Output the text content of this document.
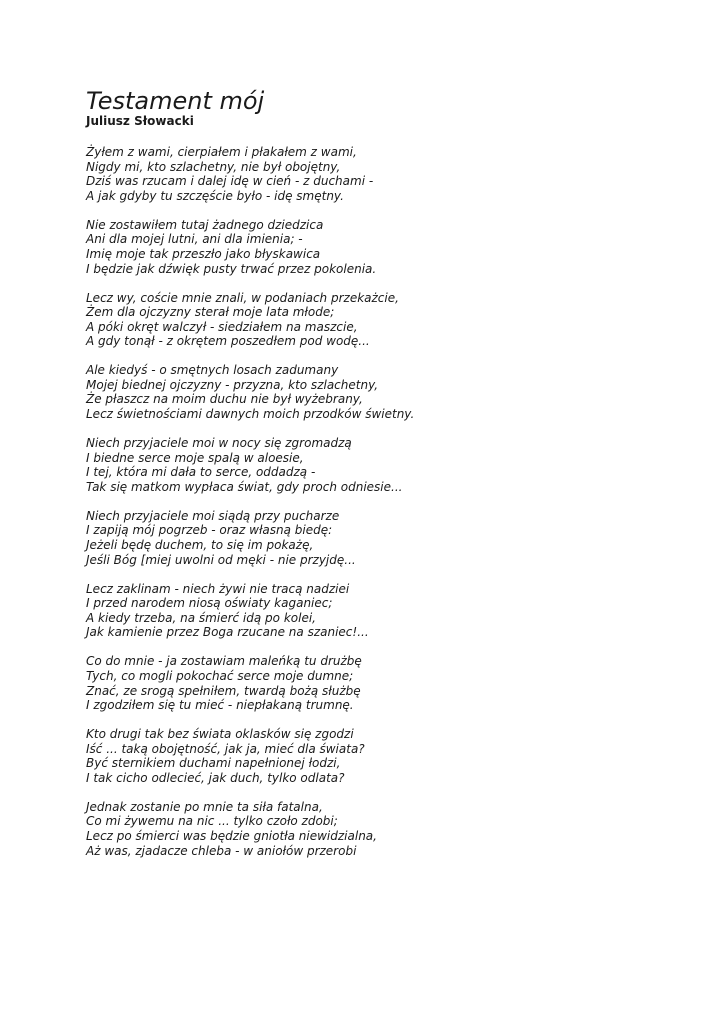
Testament mój
Juliusz Słowacki
Żyłem z wami, cierpiałem i płakałem z wami,
Nigdy mi, kto szlachetny, nie był obojętny,
Dziś was rzucam i dalej idę w cień - z duchami -
A jak gdyby tu szczęście było - idę smętny.
Nie zostawiłem tutaj żadnego dziedzica
Ani dla mojej lutni, ani dla imienia; -
Imię moje tak przeszło jako błyskawica
I będzie jak dźwięk pusty trwać przez pokolenia.
Lecz wy, coście mnie znali, w podaniach przekażcie,
Żem dla ojczyzny sterał moje lata młode;
A póki okręt walczył - siedziałem na maszcie,
A gdy tonął - z okrętem poszedłem pod wodę...
Ale kiedyś - o smętnych losach zadumany
Mojej biednej ojczyzny - przyzna, kto szlachetny,
Że płaszcz na moim duchu nie był wyżebrany,
Lecz świetnościami dawnych moich przodków świetny.
Niech przyjaciele moi w nocy się zgromadzą
I biedne serce moje spalą w aloesie,
I tej, która mi dała to serce, oddadzą -
Tak się matkom wypłaca świat, gdy proch odniesie...
Niech przyjaciele moi siądą przy pucharze
I zapiją mój pogrzeb - oraz własną biedę:
Jeżeli będę duchem, to się im pokażę,
Jeśli Bóg [miej uwolni od męki - nie przyjdę...
Lecz zaklinam - niech żywi nie tracą nadziei
I przed narodem niosą oświaty kaganiec;
A kiedy trzeba, na śmierć idą po kolei,
Jak kamienie przez Boga rzucane na szaniec!...
Co do mnie - ja zostawiam maleńką tu drużbę
Tych, co mogli pokochać serce moje dumne;
Znać, ze srogą spełniłem, twardą bożą służbę
I zgodziłem się tu mieć - niepłakaną trumnę.
Kto drugi tak bez świata oklasków się zgodzi
Iść ... taką obojętność, jak ja, mieć dla świata?
Być sternikiem duchami napełnionej łodzi,
I tak cicho odlecieć, jak duch, tylko odlata?
Jednak zostanie po mnie ta siła fatalna,
Co mi żywemu na nic ... tylko czoło zdobi;
Lecz po śmierci was będzie gniotła niewidzialna,
Aż was, zjadacze chleba - w aniołów przerobi
